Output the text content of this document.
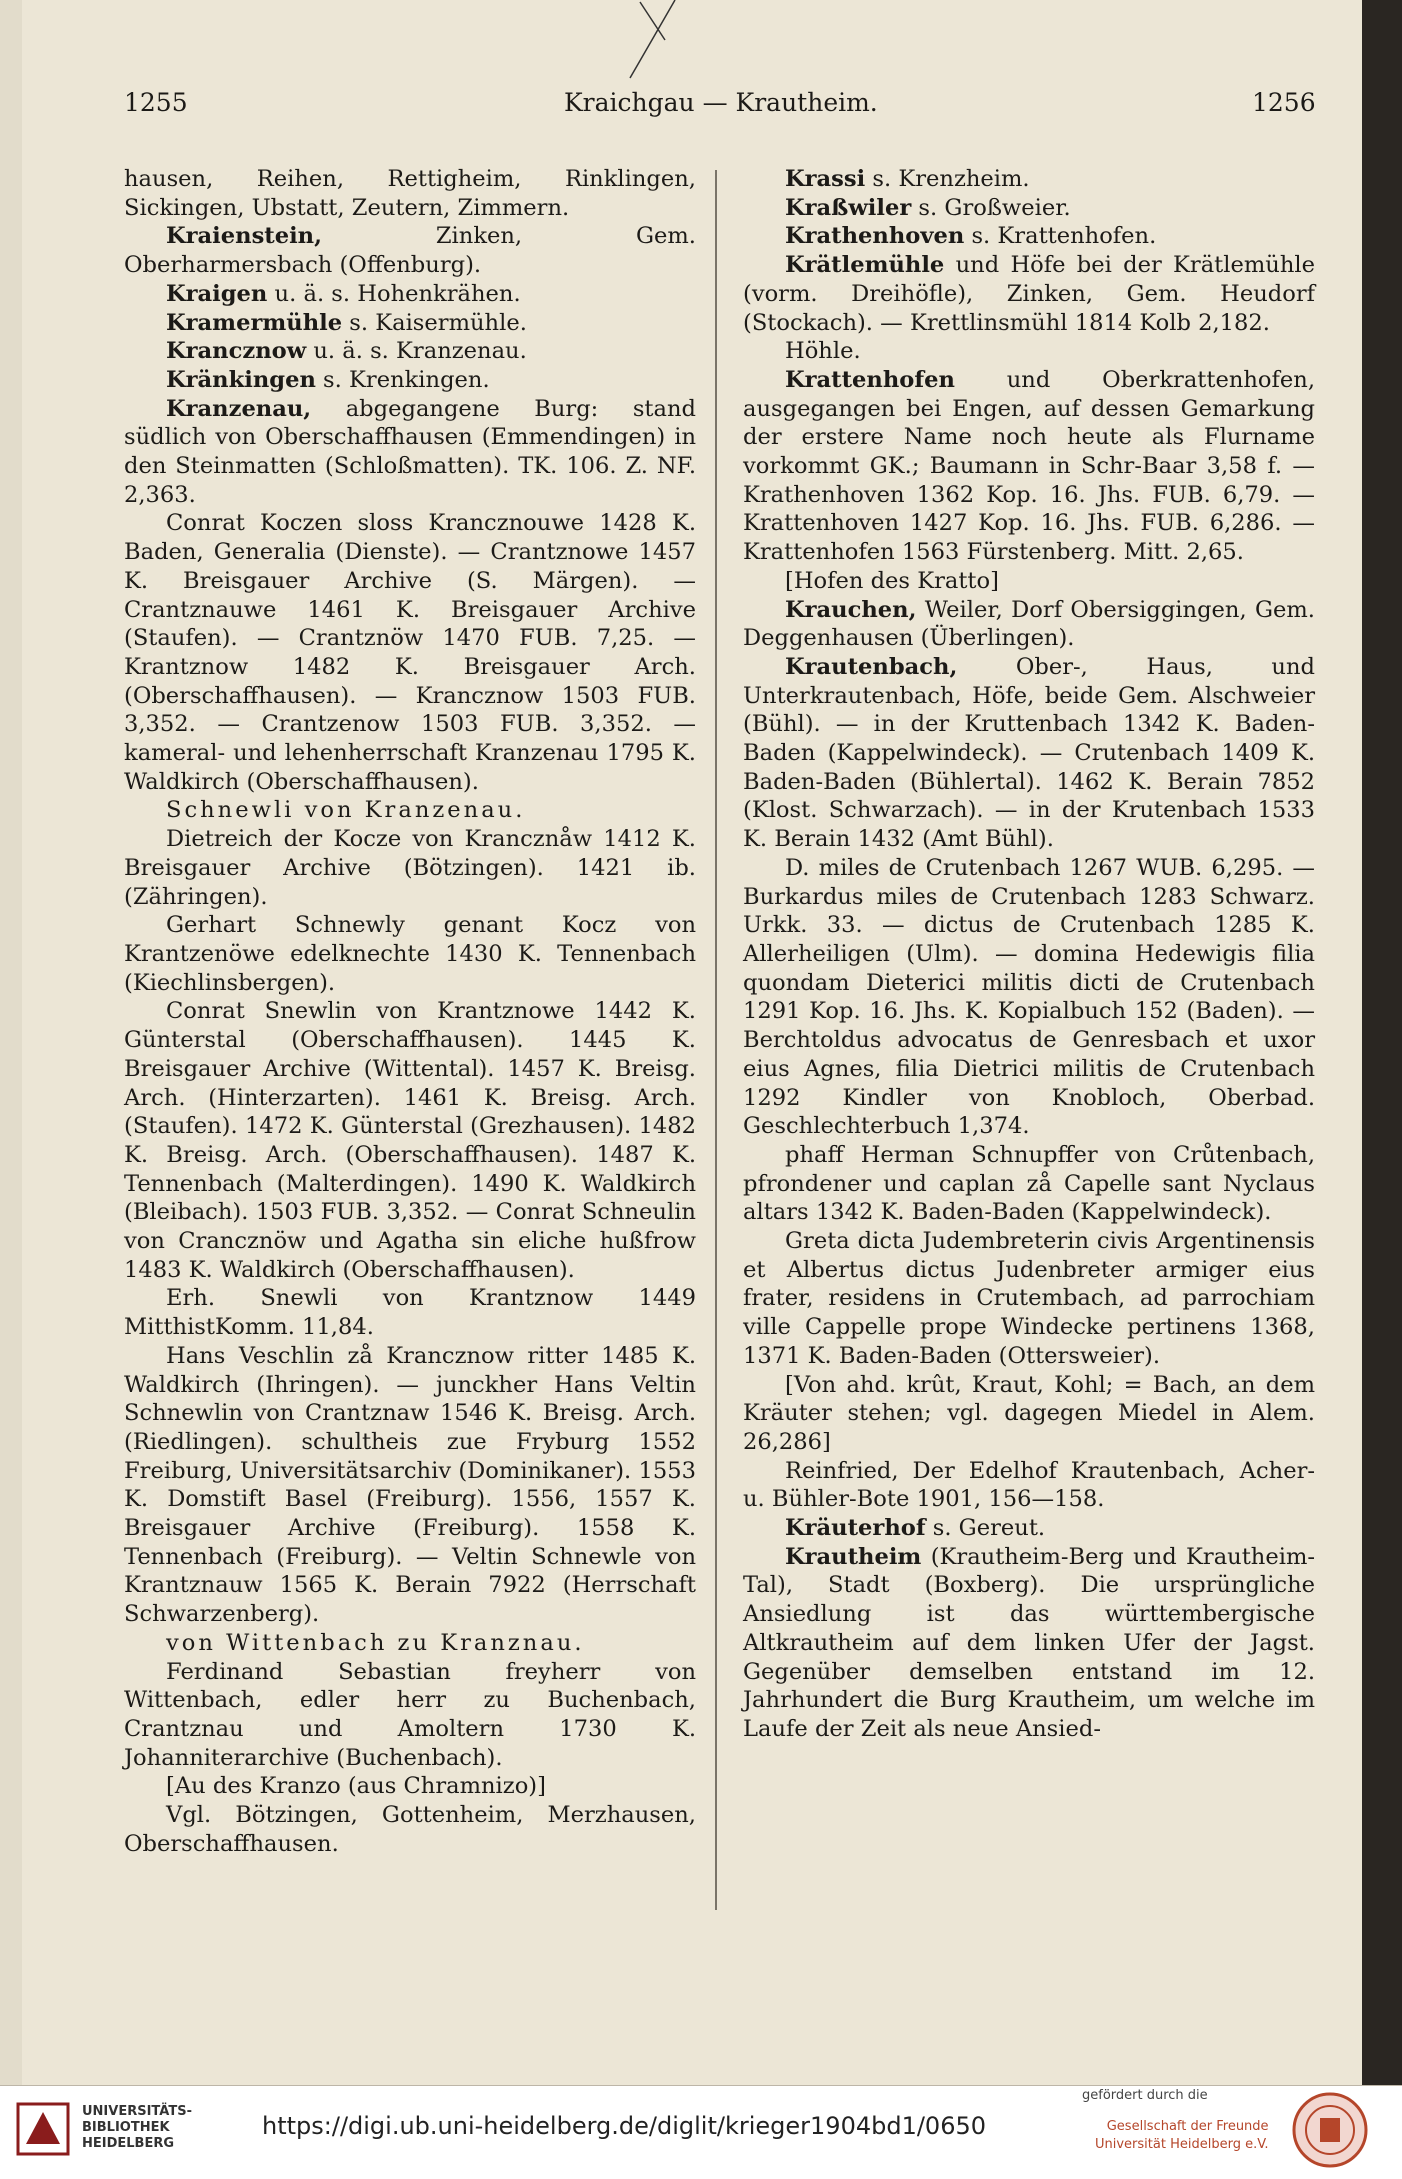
1255	Kraichgau — Krautheim.	1256

hausen, Reihen, Rettigheim, Rinklingen, Sickingen, Ubstatt, Zeutern, Zimmern.

Kraienstein, Zinken, Gem. Oberharmersbach (Offenburg).

Kraigen u. ä. s. Hohenkrähen.

Kramermühle s. Kaisermühle.

Krancznow u. ä. s. Kranzenau.

Kränkingen s. Krenkingen.

Kranzenau, abgegangene Burg: stand südlich von Oberschaffhausen (Emmendingen) in den Steinmatten (Schloßmatten). TK. 106. Z. NF. 2,363.

Conrat Koczen sloss Krancznouwe 1428 K. Baden, Generalia (Dienste). — Crantznowe 1457 K. Breisgauer Archive (S. Märgen). — Crantznauwe 1461 K. Breisgauer Archive (Staufen). — Crantznöw 1470 FUB. 7,25. — Krantznow 1482 K. Breisgauer Arch. (Oberschaffhausen). — Krancznow 1503 FUB. 3,352. — Crantzenow 1503 FUB. 3,352. — kameral- und lehenherrschaft Kranzenau 1795 K. Waldkirch (Oberschaffhausen).

Schnewli von Kranzenau.

Dietreich der Kocze von Krancznåw 1412 K. Breisgauer Archive (Bötzingen). 1421 ib. (Zähringen).

Gerhart Schnewly genant Kocz von Krantzenöwe edelknechte 1430 K. Tennenbach (Kiechlinsbergen).

Conrat Snewlin von Krantznowe 1442 K. Günterstal (Oberschaffhausen). 1445 K. Breisgauer Archive (Wittental). 1457 K. Breisg. Arch. (Hinterzarten). 1461 K. Breisg. Arch. (Staufen). 1472 K. Günterstal (Grezhausen). 1482 K. Breisg. Arch. (Oberschaffhausen). 1487 K. Tennenbach (Malterdingen). 1490 K. Waldkirch (Bleibach). 1503 FUB. 3,352. — Conrat Schneulin von Crancznöw und Agatha sin eliche hußfrow 1483 K. Waldkirch (Oberschaffhausen).

Erh. Snewli von Krantznow 1449 MitthistKomm. 11,84.

Hans Veschlin zå Krancznow ritter 1485 K. Waldkirch (Ihringen). — junckher Hans Veltin Schnewlin von Crantznaw 1546 K. Breisg. Arch. (Riedlingen). schultheis zue Fryburg 1552 Freiburg, Universitätsarchiv (Dominikaner). 1553 K. Domstift Basel (Freiburg). 1556, 1557 K. Breisgauer Archive (Freiburg). 1558 K. Tennenbach (Freiburg). — Veltin Schnewle von Krantznauw 1565 K. Berain 7922 (Herrschaft Schwarzenberg).

von Wittenbach zu Kranznau.

Ferdinand Sebastian freyherr von Wittenbach, edler herr zu Buchenbach, Crantznau und Amoltern 1730 K. Johanniterarchive (Buchenbach).

[Au des Kranzo (aus Chramnizo)]

Vgl. Bötzingen, Gottenheim, Merzhausen, Oberschaffhausen.

Krassi s. Krenzheim.

Kraßwiler s. Großweier.

Krathenhoven s. Krattenhofen.

Krätlemühle und Höfe bei der Krätlemühle (vorm. Dreihöfle), Zinken, Gem. Heudorf (Stockach). — Krettlinsmühl 1814 Kolb 2,182.

Höhle.

Krattenhofen und Oberkrattenhofen, ausgegangen bei Engen, auf dessen Gemarkung der erstere Name noch heute als Flurname vorkommt GK.; Baumann in Schr-Baar 3,58 f. — Krathenhoven 1362 Kop. 16. Jhs. FUB. 6,79. — Krattenhoven 1427 Kop. 16. Jhs. FUB. 6,286. — Krattenhofen 1563 Fürstenberg. Mitt. 2,65.

[Hofen des Kratto]

Krauchen, Weiler, Dorf Obersiggingen, Gem. Deggenhausen (Überlingen).

Krautenbach, Ober-, Haus, und Unterkrautenbach, Höfe, beide Gem. Alschweier (Bühl). — in der Kruttenbach 1342 K. Baden-Baden (Kappelwindeck). — Crutenbach 1409 K. Baden-Baden (Bühlertal). 1462 K. Berain 7852 (Klost. Schwarzach). — in der Krutenbach 1533 K. Berain 1432 (Amt Bühl).

D. miles de Crutenbach 1267 WUB. 6,295. — Burkardus miles de Crutenbach 1283 Schwarz. Urkk. 33. — dictus de Crutenbach 1285 K. Allerheiligen (Ulm). — domina Hedewigis filia quondam Dieterici militis dicti de Crutenbach 1291 Kop. 16. Jhs. K. Kopialbuch 152 (Baden). — Berchtoldus advocatus de Genresbach et uxor eius Agnes, filia Dietrici militis de Crutenbach 1292 Kindler von Knobloch, Oberbad. Geschlechterbuch 1,374.

phaff Herman Schnupffer von Crůtenbach, pfrondener und caplan zå Capelle sant Nyclaus altars 1342 K. Baden-Baden (Kappelwindeck).

Greta dicta Judembreterin civis Argentinensis et Albertus dictus Judenbreter armiger eius frater, residens in Crutembach, ad parrochiam ville Cappelle prope Windecke pertinens 1368, 1371 K. Baden-Baden (Ottersweier).

[Von ahd. krût, Kraut, Kohl; = Bach, an dem Kräuter stehen; vgl. dagegen Miedel in Alem. 26,286]

Reinfried, Der Edelhof Krautenbach, Acher- u. Bühler-Bote 1901, 156—158.

Kräuterhof s. Gereut.

Krautheim (Krautheim-Berg und Krautheim-Tal), Stadt (Boxberg). Die ursprüngliche Ansiedlung ist das württembergische Altkrautheim auf dem linken Ufer der Jagst. Gegenüber demselben entstand im 12. Jahrhundert die Burg Krautheim, um welche im Laufe der Zeit als neue Ansied-

UNIVERSITÄTS-
BIBLIOTHEK
HEIDELBERG
https://digi.ub.uni-heidelberg.de/diglit/krieger1904bd1/0650
gefördert durch die
Gesellschaft der Freunde
Universität Heidelberg e.V.
